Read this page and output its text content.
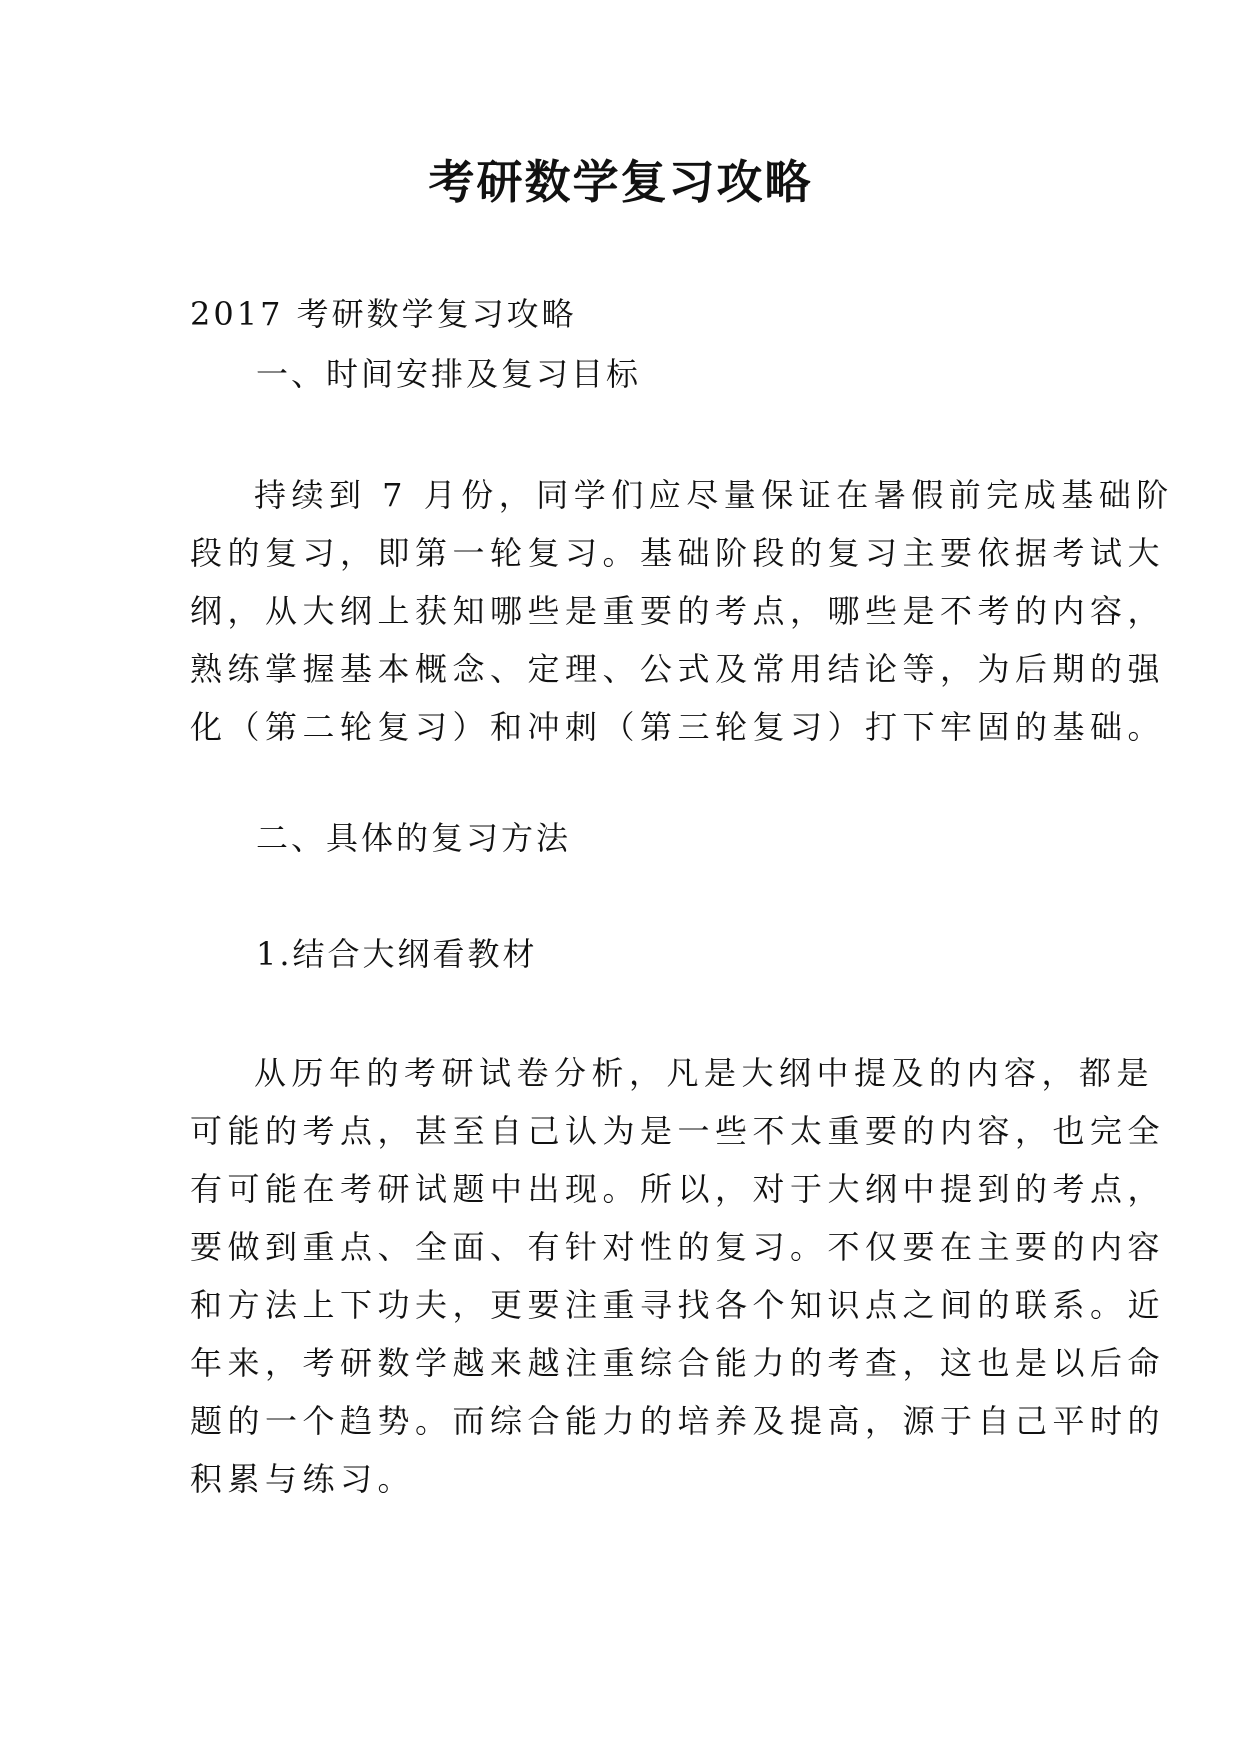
考研数学复习攻略

2017 考研数学复习攻略

一、时间安排及复习目标

持续到 7 月份，同学们应尽量保证在暑假前完成基础阶
段的复习，即第一轮复习。基础阶段的复习主要依据考试大
纲，从大纲上获知哪些是重要的考点，哪些是不考的内容，
熟练掌握基本概念、定理、公式及常用结论等，为后期的强
化（第二轮复习）和冲刺（第三轮复习）打下牢固的基础。

二、具体的复习方法

1.结合大纲看教材

从历年的考研试卷分析，凡是大纲中提及的内容，都是
可能的考点，甚至自己认为是一些不太重要的内容，也完全
有可能在考研试题中出现。所以，对于大纲中提到的考点，
要做到重点、全面、有针对性的复习。不仅要在主要的内容
和方法上下功夫，更要注重寻找各个知识点之间的联系。近
年来，考研数学越来越注重综合能力的考查，这也是以后命
题的一个趋势。而综合能力的培养及提高，源于自己平时的
积累与练习。
